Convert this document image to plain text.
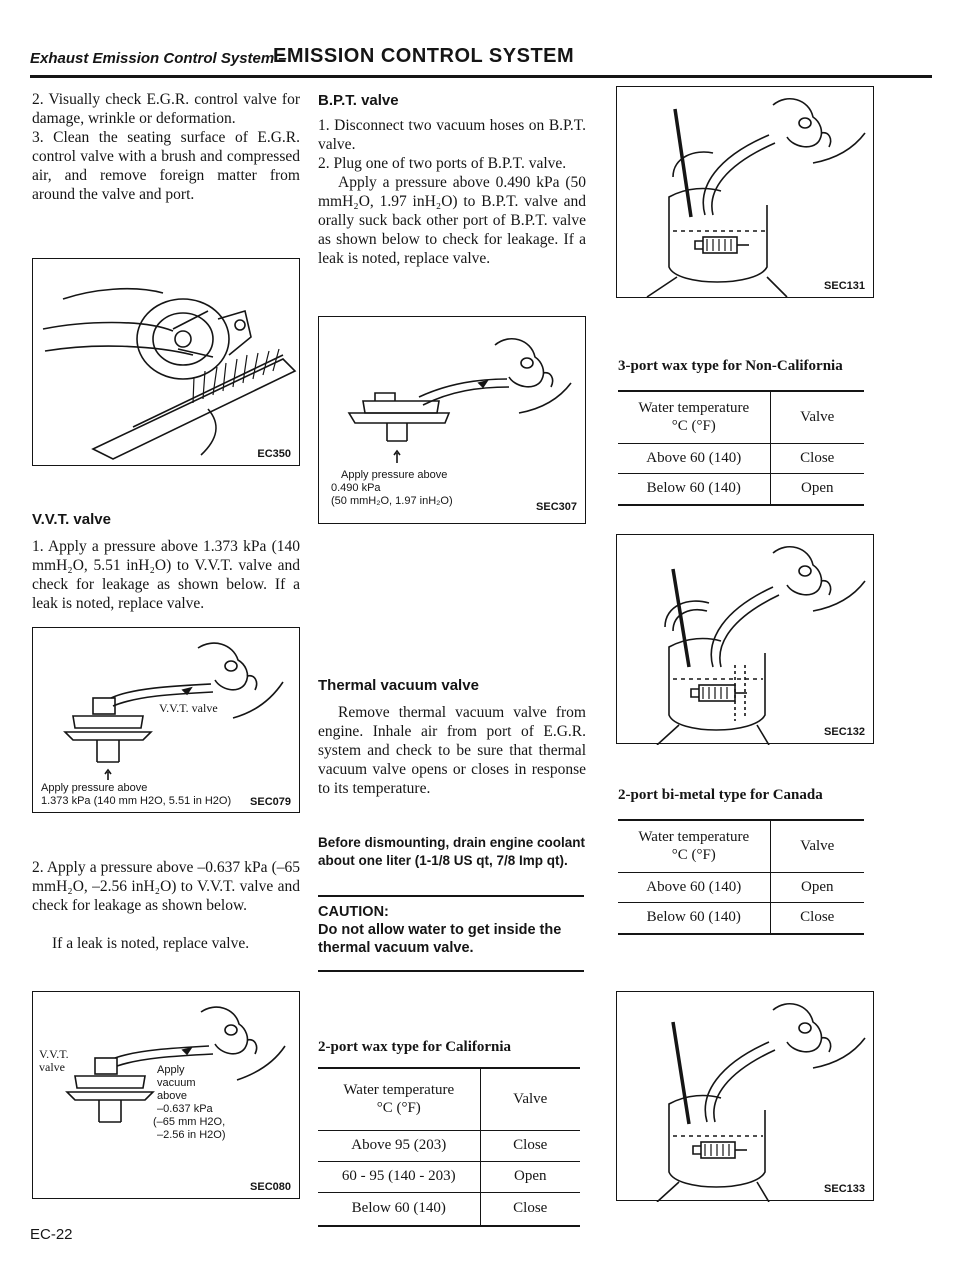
Exhaust Emission Control System –
EMISSION CONTROL SYSTEM

2. Visually check E.G.R. control valve for damage, wrinkle or deformation.

3. Clean the seating surface of E.G.R. control valve with a brush and compressed air, and remove foreign matter from around the valve and port.

EC350
V.V.T. valve

1. Apply a pressure above 1.373 kPa (140 mmH₂O, 5.51 inH₂O) to V.V.T. valve and check for leakage as shown below. If a leak is noted, replace valve.

V.V.T. valve
Apply pressure above
1.373 kPa (140 mm H2O, 5.51 in H2O) SEC079

2. Apply a pressure above –0.637 kPa (–65 mmH₂O, –2.56 inH₂O) to V.V.T. valve and check for leakage as shown below.

If a leak is noted, replace valve.

V.V.T.
valve	Apply
vacuum
above
–0.637 kPa
(–65 mm H2O,
–2.56 in H2O)
SEC080
B.P.T. valve

1. Disconnect two vacuum hoses on B.P.T. valve.

2. Plug one of two ports of B.P.T. valve.

Apply a pressure above 0.490 kPa (50 mmH₂O, 1.97 inH₂O) to B.P.T. valve and orally suck back other port of B.P.T. valve as shown below to check for leakage. If a leak is noted, replace valve.

Apply pressure above
0.490 kPa
(50 mmH₂O, 1.97 inH₂O)	SEC307
Thermal vacuum valve

Remove thermal vacuum valve from engine. Inhale air from port of E.G.R. system and check to be sure that thermal vacuum valve opens or closes in response to its temperature.

Before dismounting, drain engine coolant about one liter (1-1/8 US qt, 7/8 Imp qt).
CAUTION:
Do not allow water to get inside the thermal vacuum valve.
2-port wax type for California
Water temperature
°C (°F)	Valve
Above 95 (203)	Close
60 - 95 (140 - 203)	Open
Below 60 (140)	Close
SEC131
3-port wax type for Non-California
Water temperature
°C (°F)	Valve
Above 60 (140)	Close
Below 60 (140)	Open
SEC132
2-port bi-metal type for Canada
Water temperature
°C (°F)	Valve
Above 60 (140)	Open
Below 60 (140)	Close
SEC133
EC-22
